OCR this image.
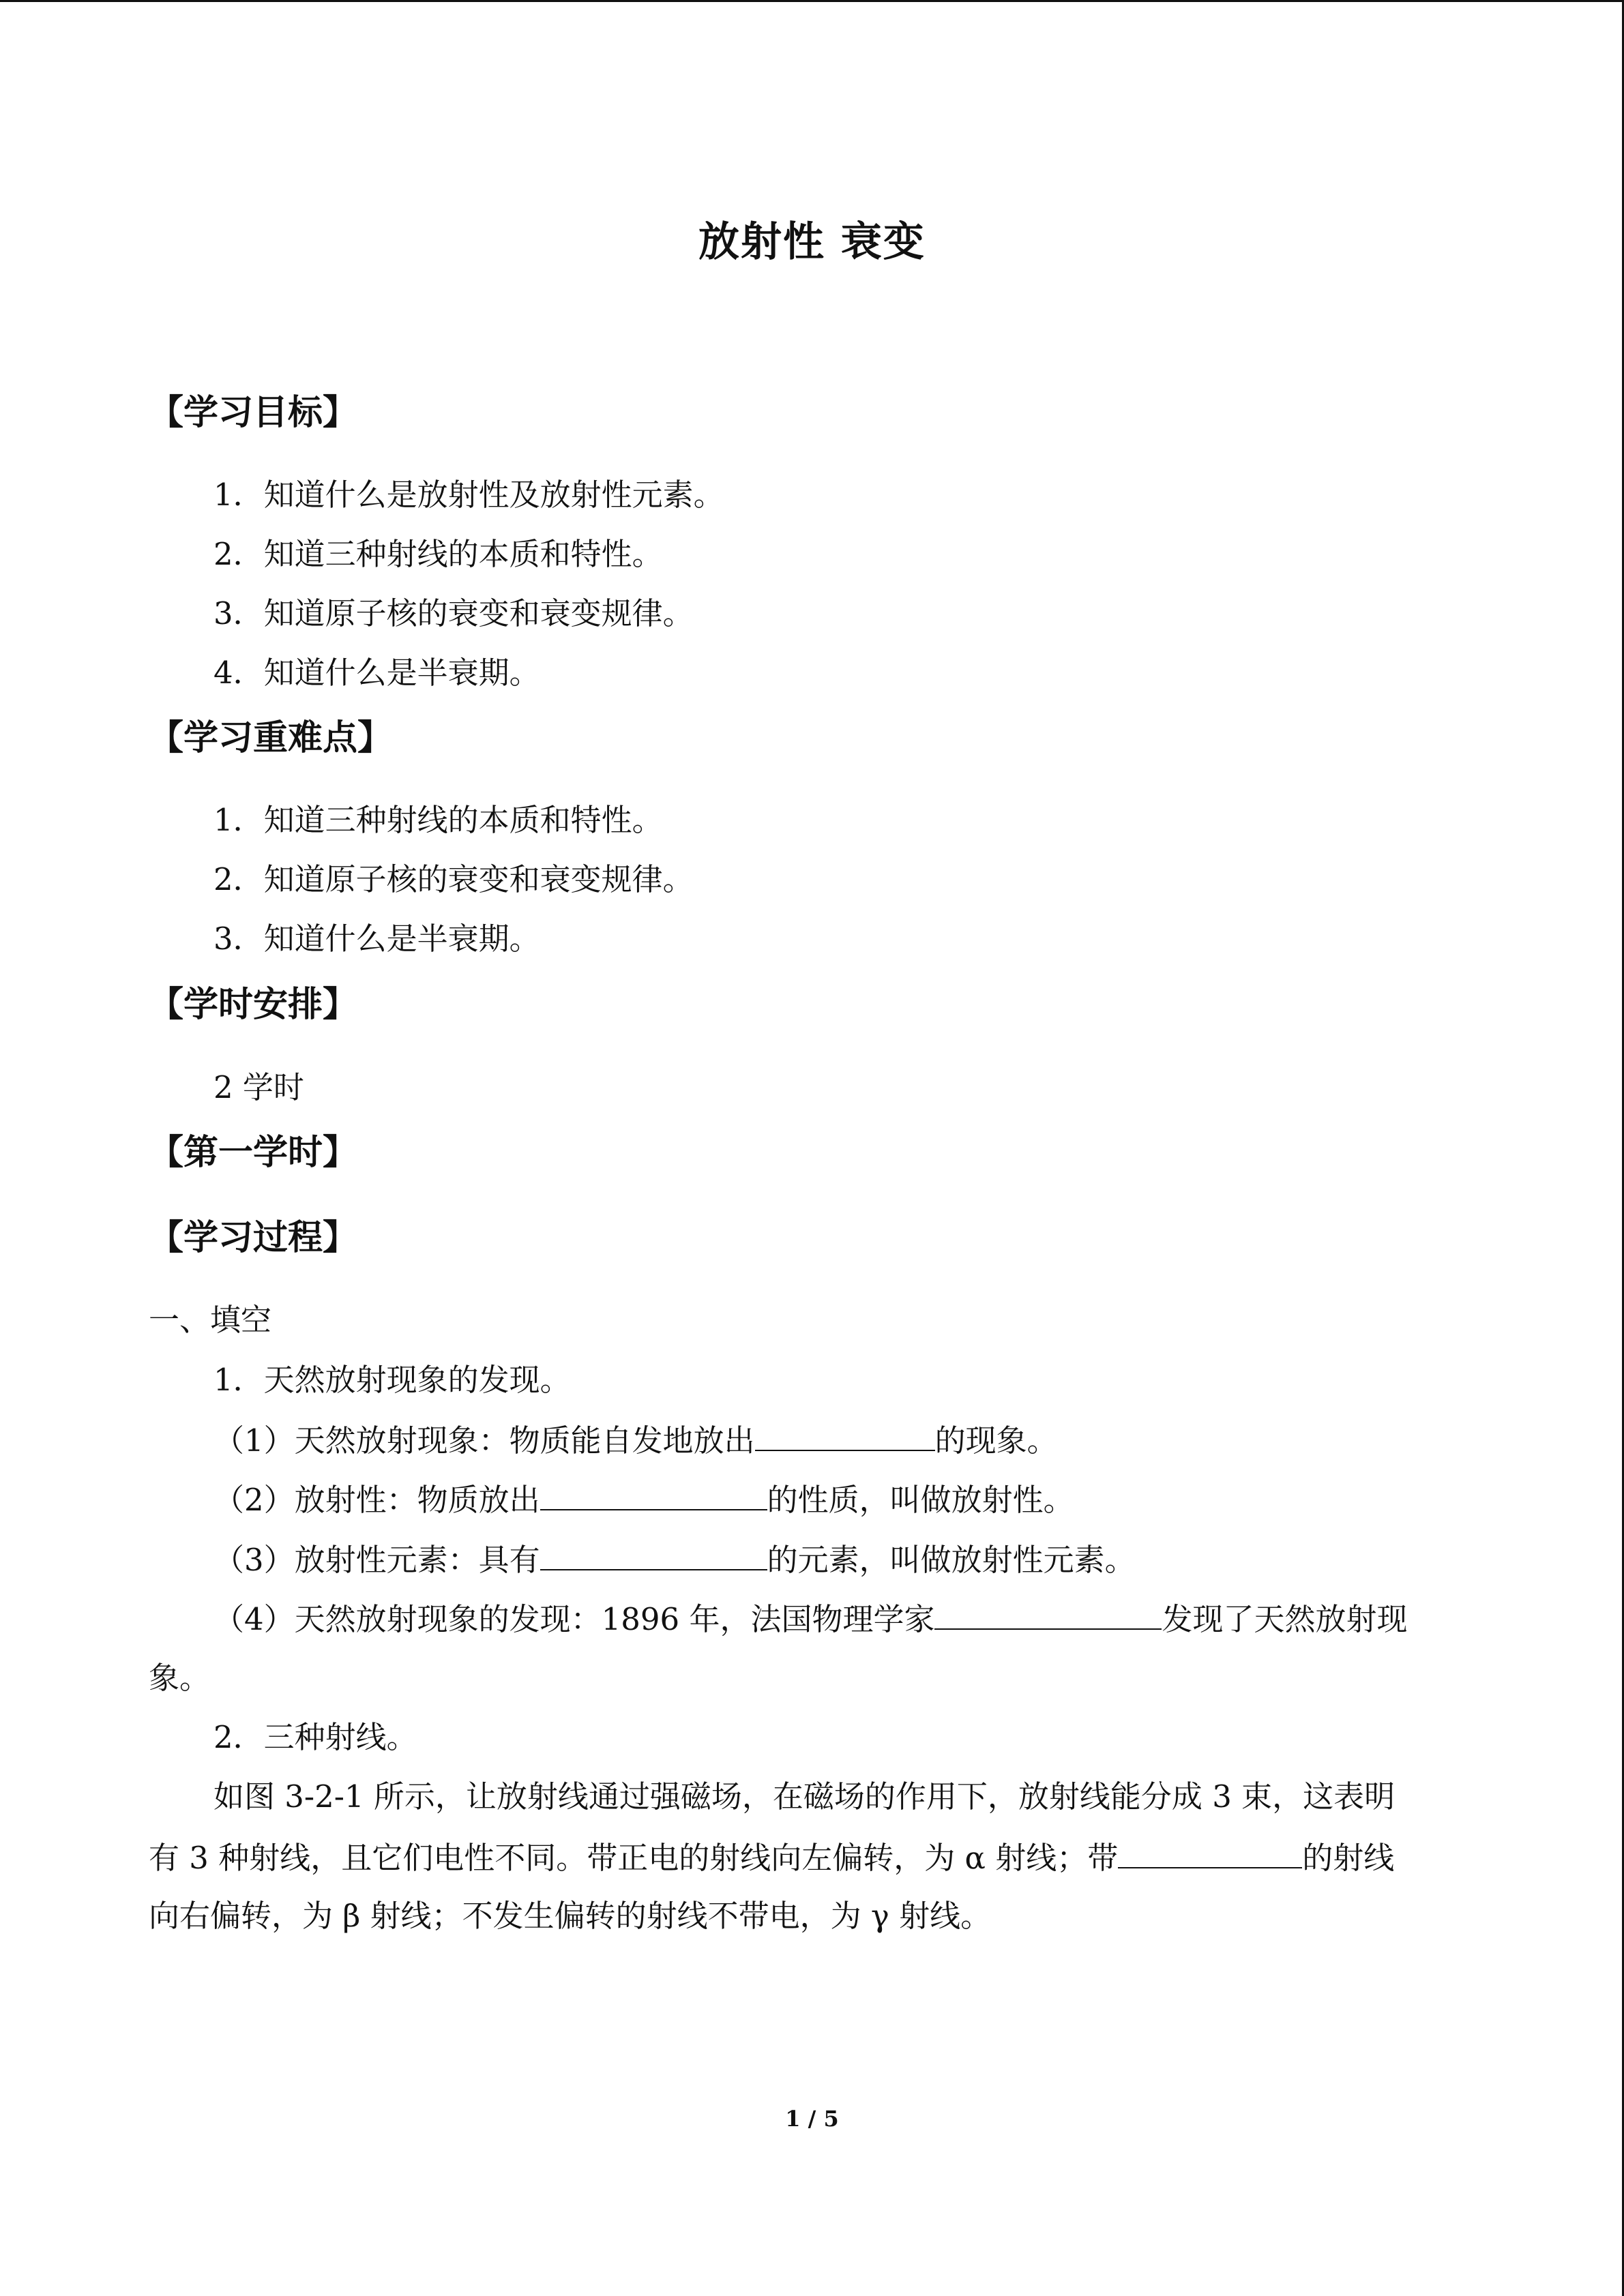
放射性 衰变
【学习目标】
1．知道什么是放射性及放射性元素。
2．知道三种射线的本质和特性。
3．知道原子核的衰变和衰变规律。
4．知道什么是半衰期。
【学习重难点】
1．知道三种射线的本质和特性。
2．知道原子核的衰变和衰变规律。
3．知道什么是半衰期。
【学时安排】
2 学时
【第一学时】
【学习过程】
一、填空
1．天然放射现象的发现。
（1）天然放射现象：物质能自发地放出	的现象。
（2）放射性：物质放出	的性质，叫做放射性。
（3）放射性元素：具有	的元素，叫做放射性元素。
（4）天然放射现象的发现：1896 年，法国物理学家	发现了天然放射现
象。
2．三种射线。
如图 3-2-1 所示，让放射线通过强磁场，在磁场的作用下，放射线能分成 3 束，这表明
有 3 种射线，且它们电性不同。带正电的射线向左偏转，为 α 射线；带	的射线
向右偏转，为 β 射线；不发生偏转的射线不带电，为 γ 射线。
1 / 5
